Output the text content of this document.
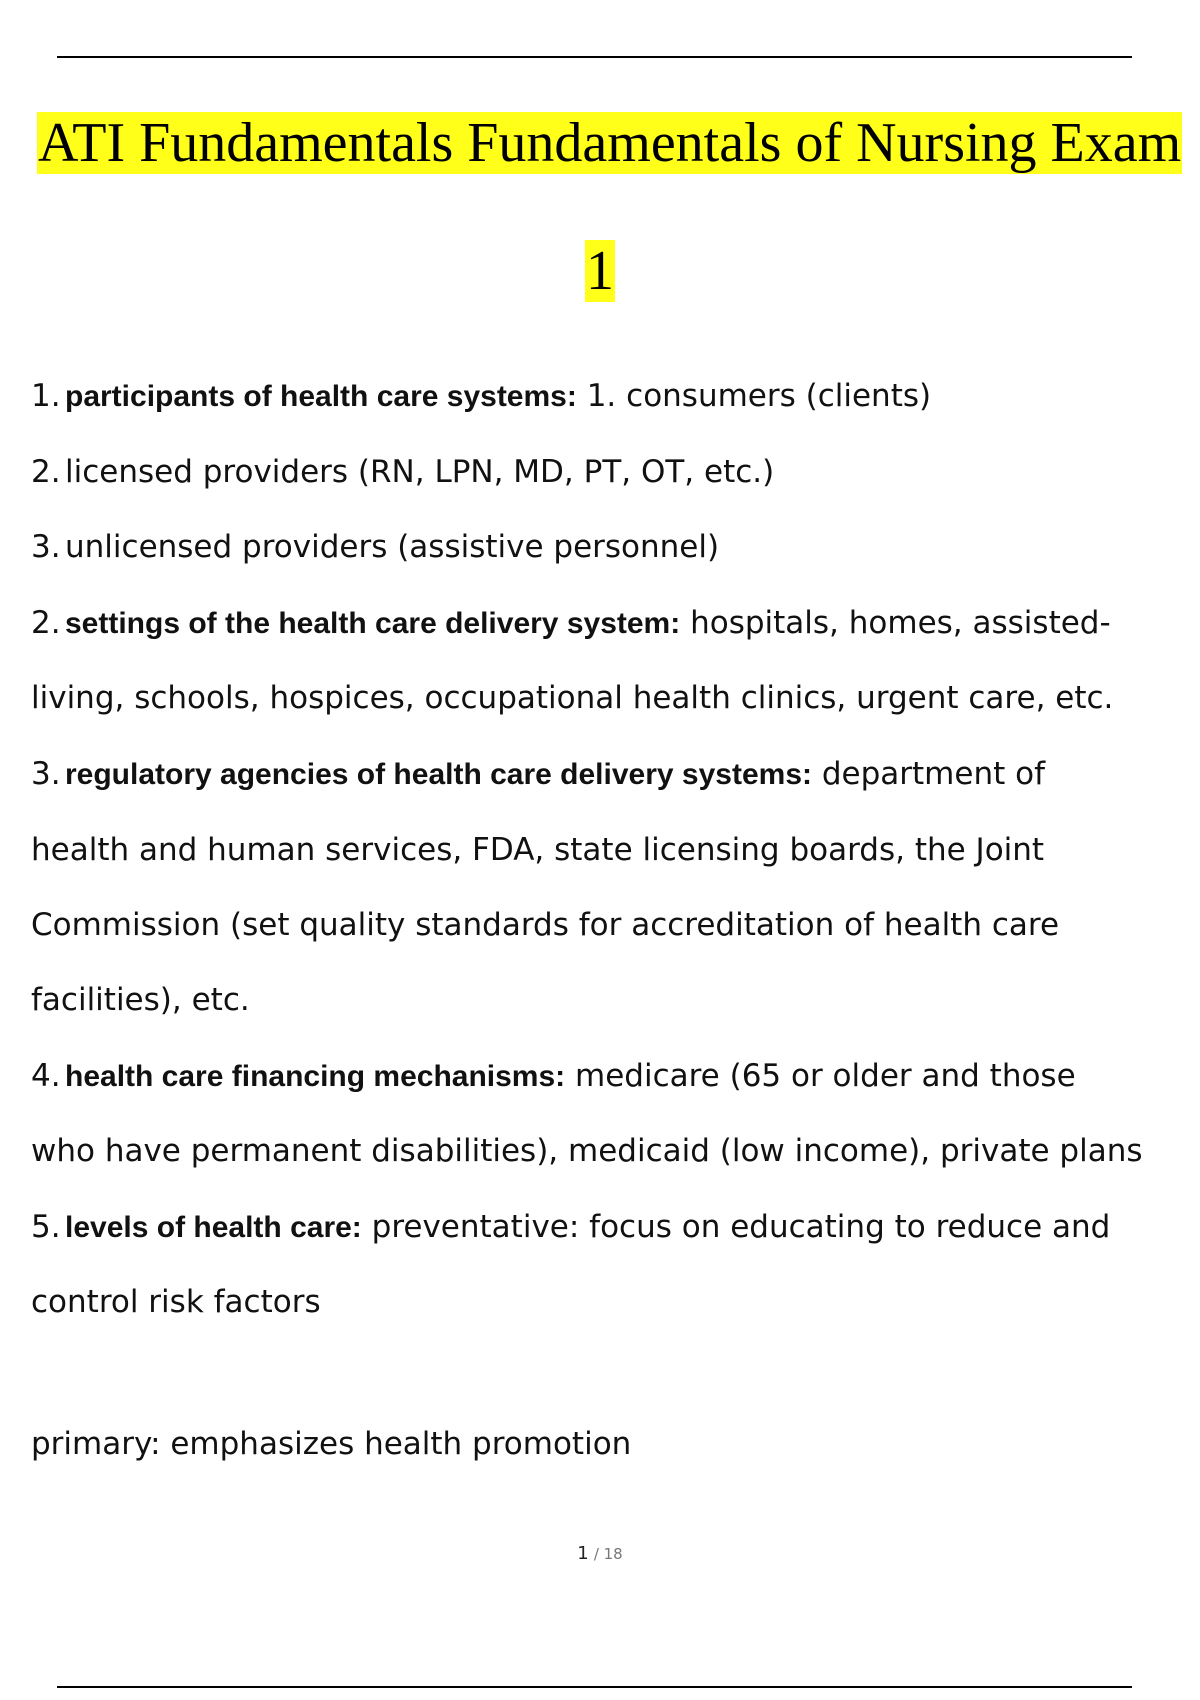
ATI Fundamentals Fundamentals of Nursing Exam
1
1. participants of health care systems: 1. consumers (clients)
2. licensed providers (RN, LPN, MD, PT, OT, etc.)
3. unlicensed providers (assistive personnel)
2. settings of the health care delivery system: hospitals, homes, assisted-
living, schools, hospices, occupational health clinics, urgent care, etc.
3. regulatory agencies of health care delivery systems: department of
health and human services, FDA, state licensing boards, the Joint
Commission (set quality standards for accreditation of health care
facilities), etc.
4. health care financing mechanisms: medicare (65 or older and those
who have permanent disabilities), medicaid (low income), private plans
5. levels of health care: preventative: focus on educating to reduce and
control risk factors
primary: emphasizes health promotion
1 / 18
